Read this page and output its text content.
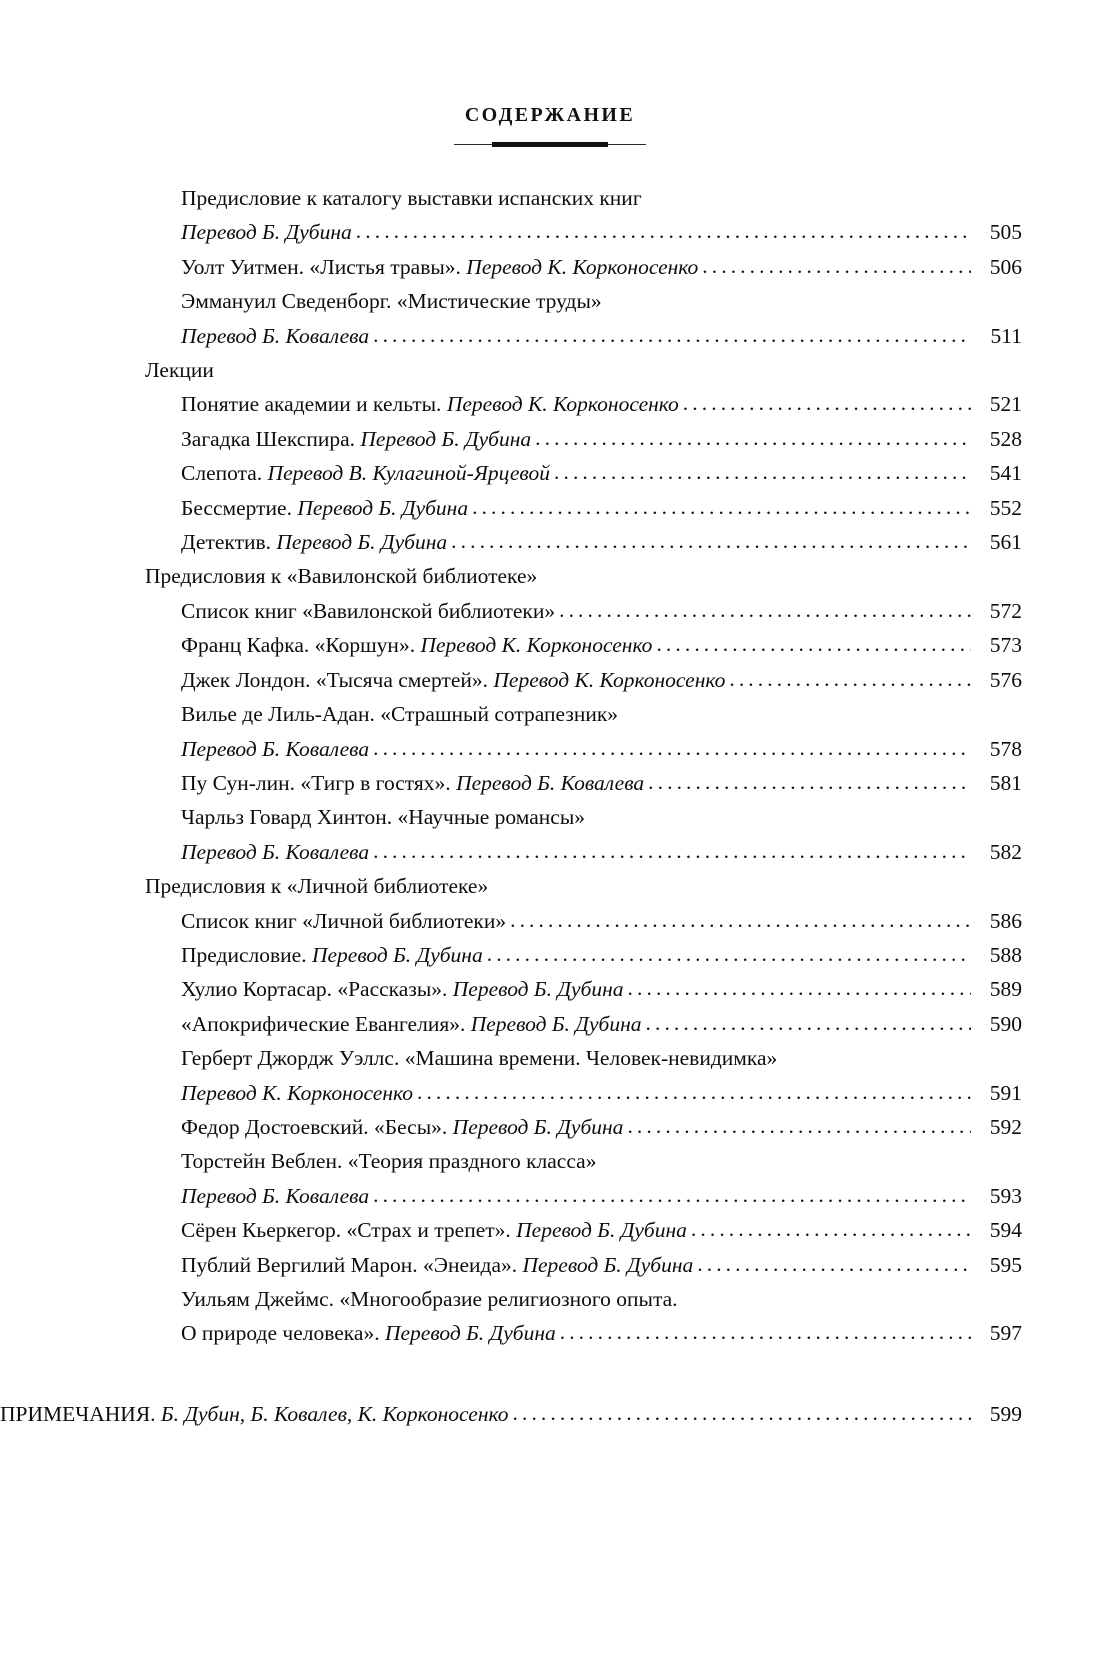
СОДЕРЖАНИЕ
Предисловие к каталогу выставки испанских книг
Перевод Б. Дубина .....	505
Уолт Уитмен. «Листья травы». Перевод К. Корконосенко .....	506
Эммануил Сведенборг. «Мистические труды»
Перевод Б. Ковалева .....	511
Лекции
Понятие академии и кельты. Перевод К. Корконосенко .....	521
Загадка Шекспира. Перевод Б. Дубина .....	528
Слепота. Перевод В. Кулагиной-Ярцевой .....	541
Бессмертие. Перевод Б. Дубина .....	552
Детектив. Перевод Б. Дубина .....	561
Предисловия к «Вавилонской библиотеке»
Список книг «Вавилонской библиотеки» .....	572
Франц Кафка. «Коршун». Перевод К. Корконосенко .....	573
Джек Лондон. «Тысяча смертей». Перевод К. Корконосенко .....	576
Вилье де Лиль-Адан. «Страшный сотрапезник»
Перевод Б. Ковалева .....	578
Пу Сун-лин. «Тигр в гостях». Перевод Б. Ковалева .....	581
Чарльз Говард Хинтон. «Научные романсы»
Перевод Б. Ковалева .....	582
Предисловия к «Личной библиотеке»
Список книг «Личной библиотеки» .....	586
Предисловие. Перевод Б. Дубина .....	588
Хулио Кортасар. «Рассказы». Перевод Б. Дубина .....	589
«Апокрифические Евангелия». Перевод Б. Дубина .....	590
Герберт Джордж Уэллс. «Машина времени. Человек-невидимка»
Перевод К. Корконосенко .....	591
Федор Достоевский. «Бесы». Перевод Б. Дубина .....	592
Торстейн Веблен. «Теория праздного класса»
Перевод Б. Ковалева .....	593
Сёрен Кьеркегор. «Страх и трепет». Перевод Б. Дубина .....	594
Публий Вергилий Марон. «Энеида». Перевод Б. Дубина .....	595
Уильям Джеймс. «Многообразие религиозного опыта.
О природе человека». Перевод Б. Дубина .....	597
ПРИМЕЧАНИЯ. Б. Дубин, Б. Ковалев, К. Корконосенко .....	599
